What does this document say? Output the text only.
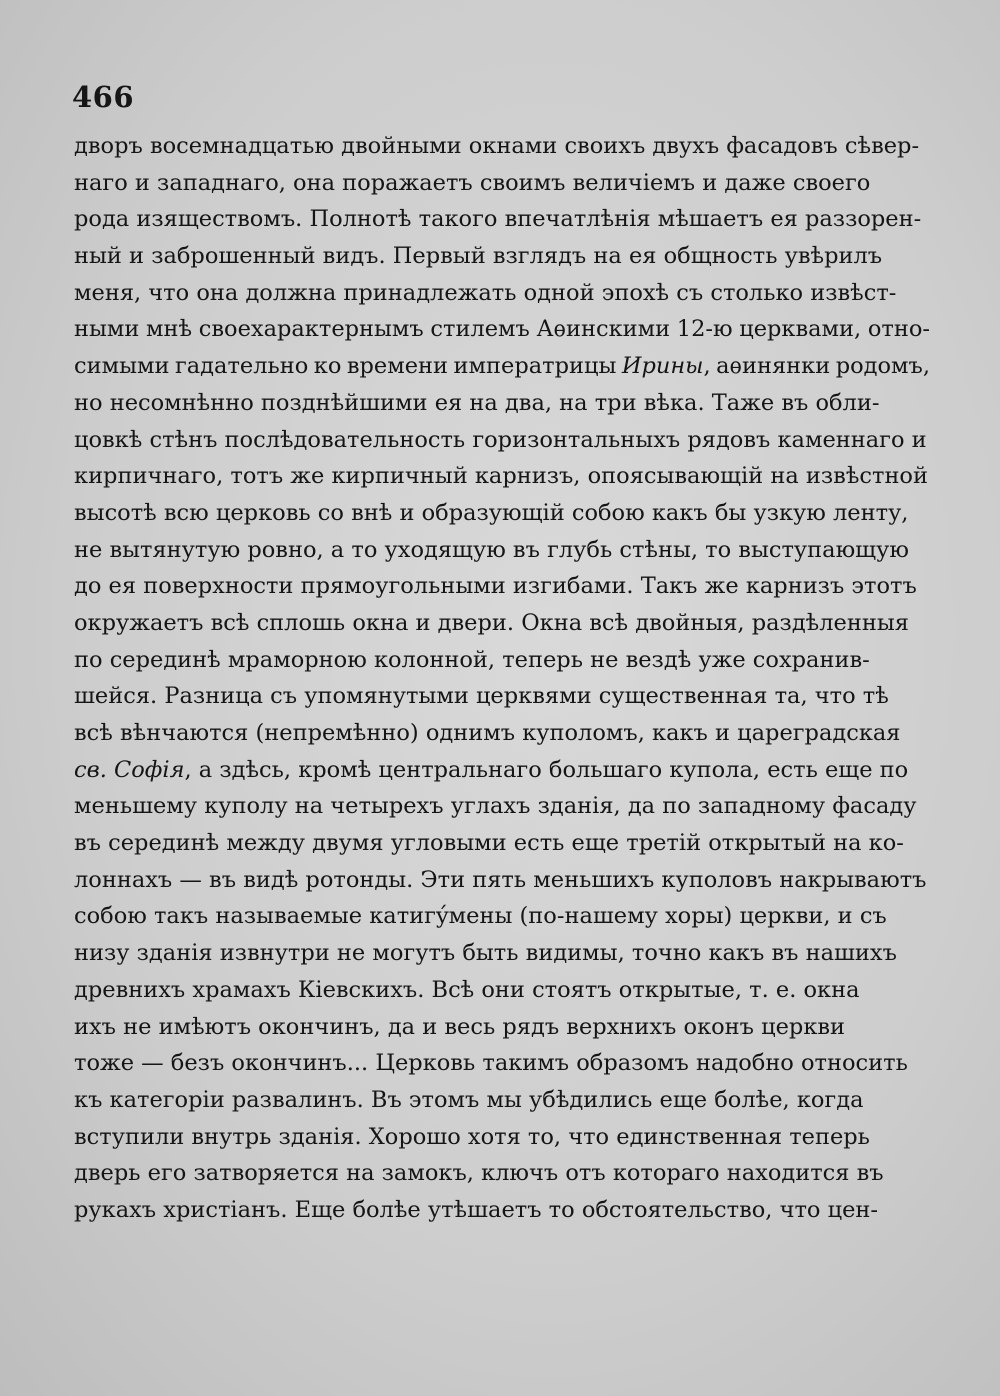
466
дворъ восемнадцатью двойными окнами своихъ двухъ фасадовъ сѣвер-
наго и западнаго, она поражаетъ своимъ величiемъ и даже своего
рода изяществомъ. Полнотѣ такого впечатлѣнiя мѣшаетъ ея раззорен-
ный и заброшенный видъ. Первый взглядъ на ея общность увѣрилъ
меня, что она должна принадлежать одной эпохѣ съ столько извѣст-
ными мнѣ своехарактернымъ стилемъ Аѳинскими 12-ю церквами, отно-
симыми гадательно ко времени императрицы Ирины, аѳинянки родомъ,
но несомнѣнно позднѣйшими ея на два, на три вѣка. Таже въ обли-
цовкѣ стѣнъ послѣдовательность горизонтальныхъ рядовъ каменнаго и
кирпичнаго, тотъ же кирпичный карнизъ, опоясывающiй на извѣстной
высотѣ всю церковь со внѣ и образующiй собою какъ бы узкую ленту,
не вытянутую ровно, а то уходящую въ глубь стѣны, то выступающую
до ея поверхности прямоугольными изгибами. Такъ же карнизъ этотъ
окружаетъ всѣ сплошь окна и двери. Окна всѣ двойныя, раздѣленныя
по серединѣ мраморною колонной, теперь не вездѣ уже сохранив-
шейся. Разница съ упомянутыми церквями существенная та, что тѣ
всѣ вѣнчаются (непремѣнно) однимъ куполомъ, какъ и цареградская
св. Софiя, а здѣсь, кромѣ центральнаго большаго купола, есть еще по
меньшему куполу на четырехъ углахъ зданiя, да по западному фасаду
въ серединѣ между двумя угловыми есть еще третiй открытый на ко-
лоннахъ — въ видѣ ротонды. Эти пять меньшихъ куполовъ накрываютъ
собою такъ называемые катигýмены (по-нашему хоры) церкви, и съ
низу зданiя извнутри не могутъ быть видимы, точно какъ въ нашихъ
древнихъ храмахъ Кiевскихъ. Всѣ они стоятъ открытые, т. е. окна
ихъ не имѣютъ окончинъ, да и весь рядъ верхнихъ оконъ церкви
тоже — безъ окончинъ... Церковь такимъ образомъ надобно относить
къ категорiи развалинъ. Въ этомъ мы убѣдились еще болѣе, когда
вступили внутрь зданiя. Хорошо хотя то, что единственная теперь
дверь его затворяется на замокъ, ключъ отъ котораго находится въ
рукахъ христiанъ. Еще болѣе утѣшаетъ то обстоятельство, что цен-
